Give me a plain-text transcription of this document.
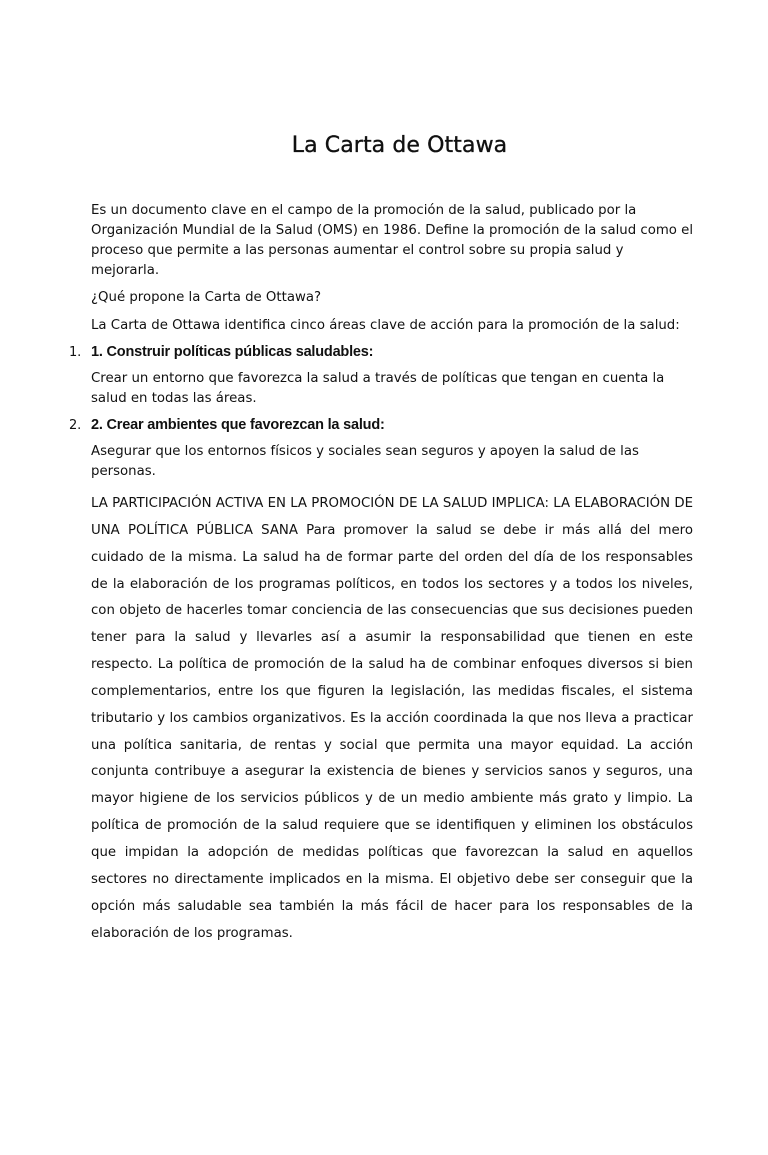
La Carta de Ottawa

Es un documento clave en el campo de la promoción de la salud, publicado por la Organización Mundial de la Salud (OMS) en 1986. Define la promoción de la salud como el proceso que permite a las personas aumentar el control sobre su propia salud y mejorarla.

¿Qué propone la Carta de Ottawa?

La Carta de Ottawa identifica cinco áreas clave de acción para la promoción de la salud:

1. 1. Construir políticas públicas saludables:

Crear un entorno que favorezca la salud a través de políticas que tengan en cuenta la salud en todas las áreas.

2. 2. Crear ambientes que favorezcan la salud:

Asegurar que los entornos físicos y sociales sean seguros y apoyen la salud de las personas.

LA PARTICIPACIÓN ACTIVA EN LA PROMOCIÓN DE LA SALUD IMPLICA: LA ELABORACIÓN DE UNA POLÍTICA PÚBLICA SANA Para promover la salud se debe ir más allá del mero cuidado de la misma. La salud ha de formar parte del orden del día de los responsables de la elaboración de los programas políticos, en todos los sectores y a todos los niveles, con objeto de hacerles tomar conciencia de las consecuencias que sus decisiones pueden tener para la salud y llevarles así a asumir la responsabilidad que tienen en este respecto. La política de promoción de la salud ha de combinar enfoques diversos si bien complementarios, entre los que figuren la legislación, las medidas fiscales, el sistema tributario y los cambios organizativos. Es la acción coordinada la que nos lleva a practicar una política sanitaria, de rentas y social que permita una mayor equidad. La acción conjunta contribuye a asegurar la existencia de bienes y servicios sanos y seguros, una mayor higiene de los servicios públicos y de un medio ambiente más grato y limpio. La política de promoción de la salud requiere que se identifiquen y eliminen los obstáculos que impidan la adopción de medidas políticas que favorezcan la salud en aquellos sectores no directamente implicados en la misma. El objetivo debe ser conseguir que la opción más saludable sea también la más fácil de hacer para los responsables de la elaboración de los programas.
